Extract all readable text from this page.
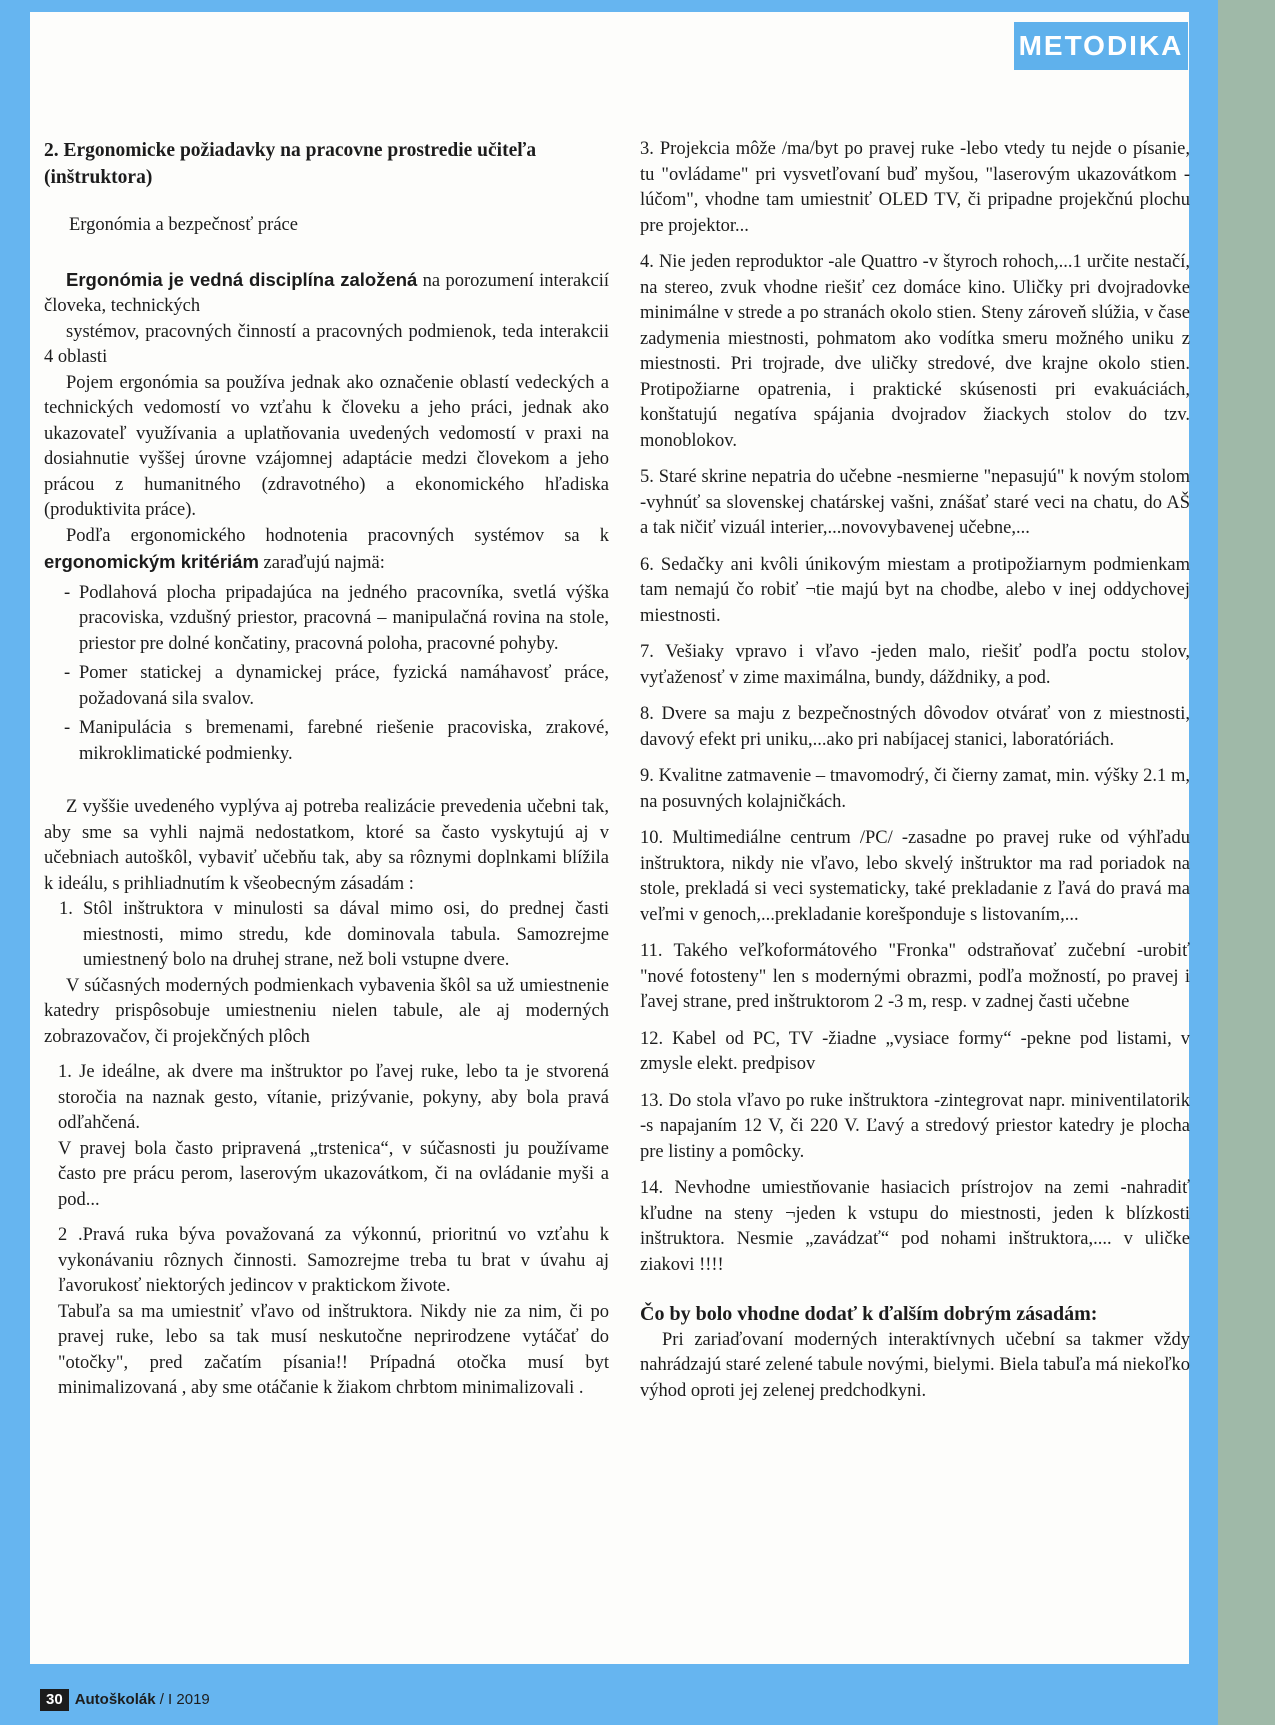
METODIKA

2. Ergonomicke požiadavky na pracovne prostredie učiteľa (inštruktora)

Ergonómia a bezpečnosť práce

Ergonómia je vedná disciplína založená na porozumení interakcií človeka, technických

systémov, pracovných činností a pracovných podmienok, teda interakcii 4 oblasti

Pojem ergonómia sa používa jednak ako označenie oblastí vedeckých a technických vedomostí vo vzťahu k človeku a jeho práci, jednak ako ukazovateľ využívania a uplatňovania uvedených vedomostí v praxi na dosiahnutie vyššej úrovne vzájomnej adaptácie medzi človekom a jeho prácou z humanitného (zdravotného) a ekonomického hľadiska (produktivita práce).

Podľa ergonomického hodnotenia pracovných systémov sa k ergonomickým kritériám zaraďujú najmä:

- Podlahová plocha pripadajúca na jedného pracovníka, svetlá výška pracoviska, vzdušný priestor, pracovná – manipulačná rovina na stole, priestor pre dolné končatiny, pracovná poloha, pracovné pohyby.
- Pomer statickej a dynamickej práce, fyzická namáhavosť práce, požadovaná sila svalov.
- Manipulácia s bremenami, farebné riešenie pracoviska, zrakové, mikroklimatické podmienky.

Z vyššie uvedeného vyplýva aj potreba realizácie prevedenia učebni tak, aby sme sa vyhli najmä nedostatkom, ktoré sa často vyskytujú aj v učebniach autoškôl, vybaviť učebňu tak, aby sa rôznymi doplnkami blížila k ideálu, s prihliadnutím k všeobecným zásadám :

1. Stôl inštruktora v minulosti sa dával mimo osi, do prednej časti miestnosti, mimo stredu, kde dominovala tabula. Samozrejme umiestnený bolo na druhej strane, než boli vstupne dvere.

V súčasných moderných podmienkach vybavenia škôl sa už umiestnenie katedry prispôsobuje umiestneniu nielen tabule, ale aj moderných zobrazovačov, či projekčných plôch

1. Je ideálne, ak dvere ma inštruktor po ľavej ruke, lebo ta je stvorená storočia na naznak gesto, vítanie, prizývanie, pokyny, aby bola pravá odľahčená.

V pravej bola často pripravená „trstenica“, v súčasnosti ju používame často pre prácu perom, laserovým ukazovátkom, či na ovládanie myši a pod...

2 .Pravá ruka býva považovaná za výkonnú, prioritnú vo vzťahu k vykonávaniu rôznych činnosti. Samozrejme treba tu brat v úvahu aj ľavorukosť niektorých jedincov v praktickom živote.

Tabuľa sa ma umiestniť vľavo od inštruktora. Nikdy nie za nim, či po pravej ruke, lebo sa tak musí neskutočne neprirodzene vytáčať do "otočky", pred začatím písania!! Prípadná otočka musí byt minimalizovaná , aby sme otáčanie k žiakom chrbtom minimalizovali .

3. Projekcia môže /ma/byt po pravej ruke -lebo vtedy tu nejde o písanie, tu "ovládame" pri vysvetľovaní buď myšou, "laserovým ukazovátkom -lúčom", vhodne tam umiestniť OLED TV, či pripadne projekčnú plochu pre projektor...

4. Nie jeden reproduktor -ale Quattro -v štyroch rohoch,...1 určite nestačí, na stereo, zvuk vhodne riešiť cez domáce kino. Uličky pri dvojradovke minimálne v strede a po stranách okolo stien. Steny zároveň slúžia, v čase zadymenia miestnosti, pohmatom ako vodítka smeru možného uniku z miestnosti. Pri trojrade, dve uličky stredové, dve krajne okolo stien. Protipožiarne opatrenia, i praktické skúsenosti pri evakuáciách, konštatujú negatíva spájania dvojradov žiackych stolov do tzv. monoblokov.

5. Staré skrine nepatria do učebne -nesmierne "nepasujú" k novým stolom -vyhnúť sa slovenskej chatárskej vašni, znášať staré veci na chatu, do AŠ a tak ničiť vizuál interier,...novovybavenej učebne,...

6. Sedačky ani kvôli únikovým miestam a protipožiarnym podmienkam tam nemajú čo robiť ¬tie majú byt na chodbe, alebo v inej oddychovej miestnosti.

7. Vešiaky vpravo i vľavo -jeden malo, riešiť podľa poctu stolov, vyťaženosť v zime maximálna, bundy, dáždniky, a pod.

8. Dvere sa maju z bezpečnostných dôvodov otvárať von z miestnosti, davový efekt pri uniku,...ako pri nabíjacej stanici, laboratóriách.

9. Kvalitne zatmavenie – tmavomodrý, či čierny zamat, min. výšky 2.1 m, na posuvných kolajničkách.

10. Multimediálne centrum /PC/ -zasadne po pravej ruke od výhľadu inštruktora, nikdy nie vľavo, lebo skvelý inštruktor ma rad poriadok na stole, prekladá si veci systematicky, také prekladanie z ľavá do pravá ma veľmi v genoch,...prekladanie korešponduje s listovaním,...

11. Takého veľkoformátového "Fronka" odstraňovať zučební -urobiť "nové fotosteny" len s modernými obrazmi, podľa možností, po pravej i ľavej strane, pred inštruktorom 2 -3 m, resp. v zadnej časti učebne

12. Kabel od PC, TV -žiadne „vysiace formy“ -pekne pod listami, v zmysle elekt. predpisov

13. Do stola vľavo po ruke inštruktora -zintegrovat napr. miniventilatorik -s napajaním 12 V, či 220 V. Ľavý a stredový priestor katedry je plocha pre listiny a pomôcky.

14. Nevhodne umiestňovanie hasiacich prístrojov na zemi -nahradiť kľudne na steny ¬jeden k vstupu do miestnosti, jeden k blízkosti inštruktora. Nesmie „zavádzať“ pod nohami inštruktora,.... v uličke ziakovi !!!!

Čo by bolo vhodne dodať k ďalším dobrým zásadám:

Pri zariaďovaní moderných interaktívnych učební sa takmer vždy nahrádzajú staré zelené tabule novými, bielymi. Biela tabuľa má niekoľko výhod oproti jej zelenej predchodkyni.

30 Autoškolák
/ I 2019
